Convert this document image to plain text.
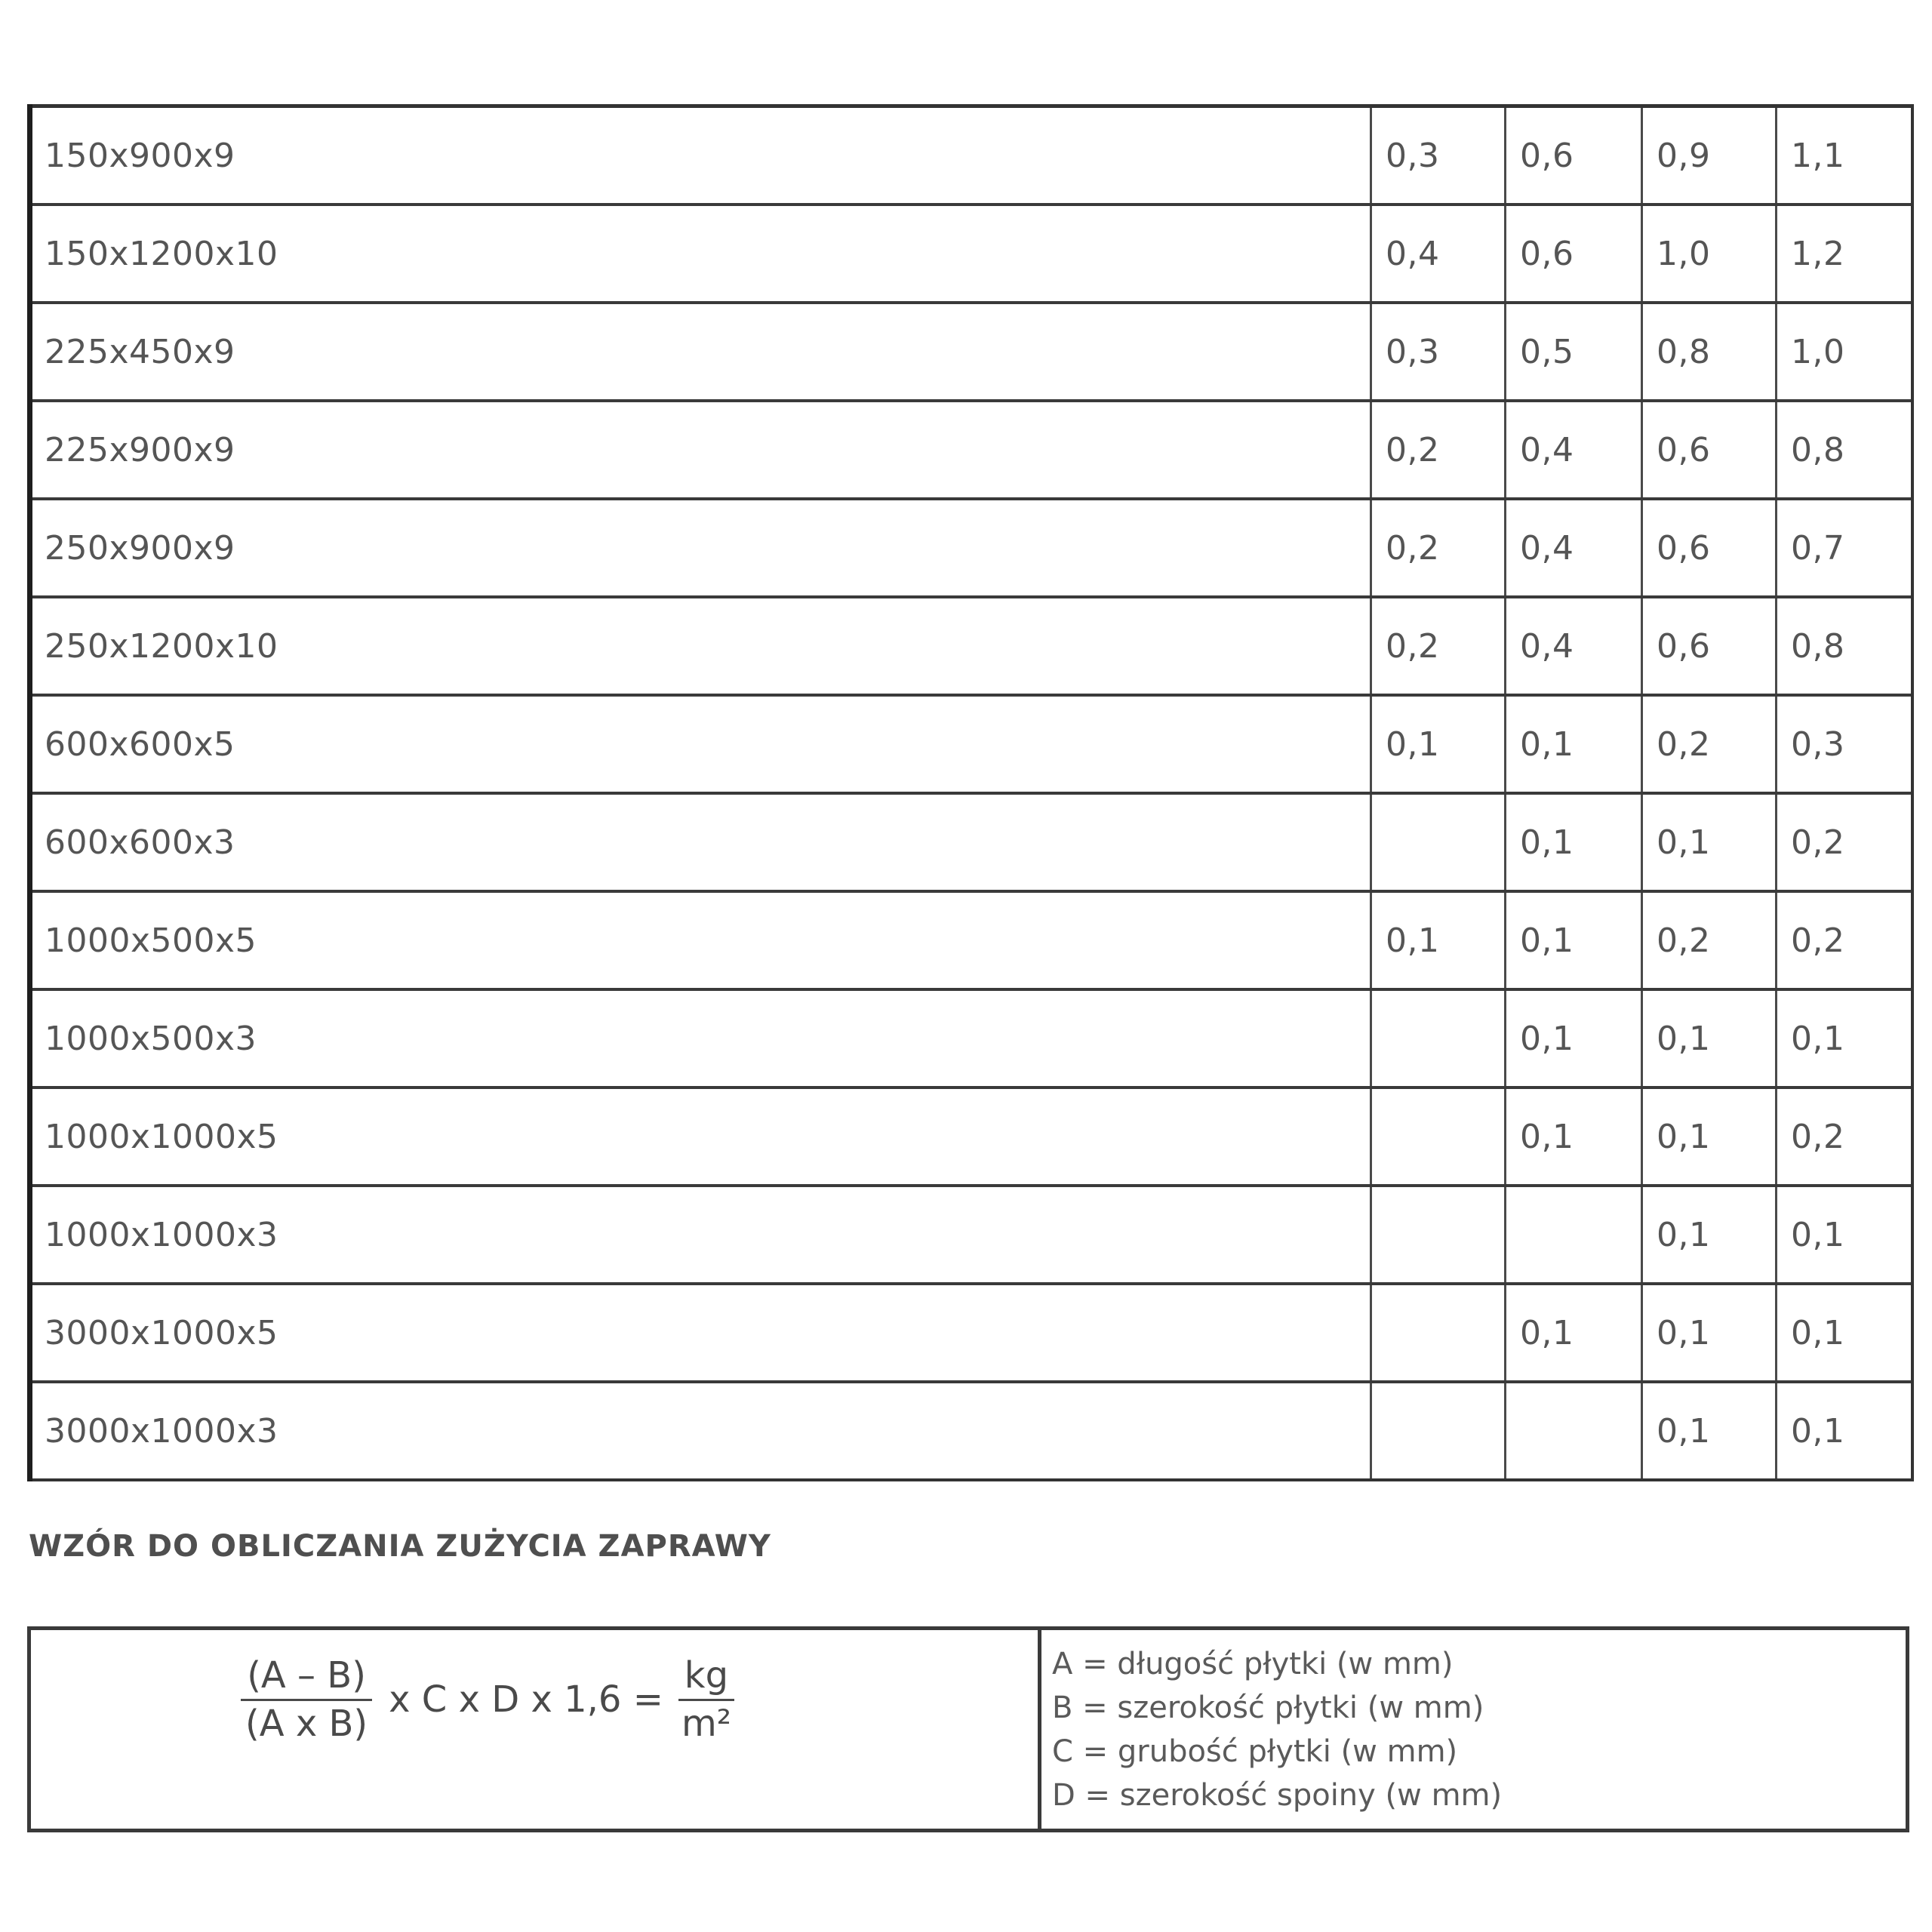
150x900x9	0,3	0,6	0,9	1,1
150x1200x10	0,4	0,6	1,0	1,2
225x450x9	0,3	0,5	0,8	1,0
225x900x9	0,2	0,4	0,6	0,8
250x900x9	0,2	0,4	0,6	0,7
250x1200x10	0,2	0,4	0,6	0,8
600x600x5	0,1	0,1	0,2	0,3
600x600x3		0,1	0,1	0,2
1000x500x5	0,1	0,1	0,2	0,2
1000x500x3		0,1	0,1	0,1
1000x1000x5		0,1	0,1	0,2
1000x1000x3			0,1	0,1
3000x1000x5		0,1	0,1	0,1
3000x1000x3			0,1	0,1
WZÓR DO OBLICZANIA ZUŻYCIA ZAPRAWY
$\frac{(A - B)}{\text{(A x B)}}$ x C x D x $1,6 = \frac{kg}{\text{m²}}$	A = długość płytki (w mm)
B = szerokość płytki (w mm)
C = grubość płytki (w mm)
D = szerokość spoiny (w mm)
